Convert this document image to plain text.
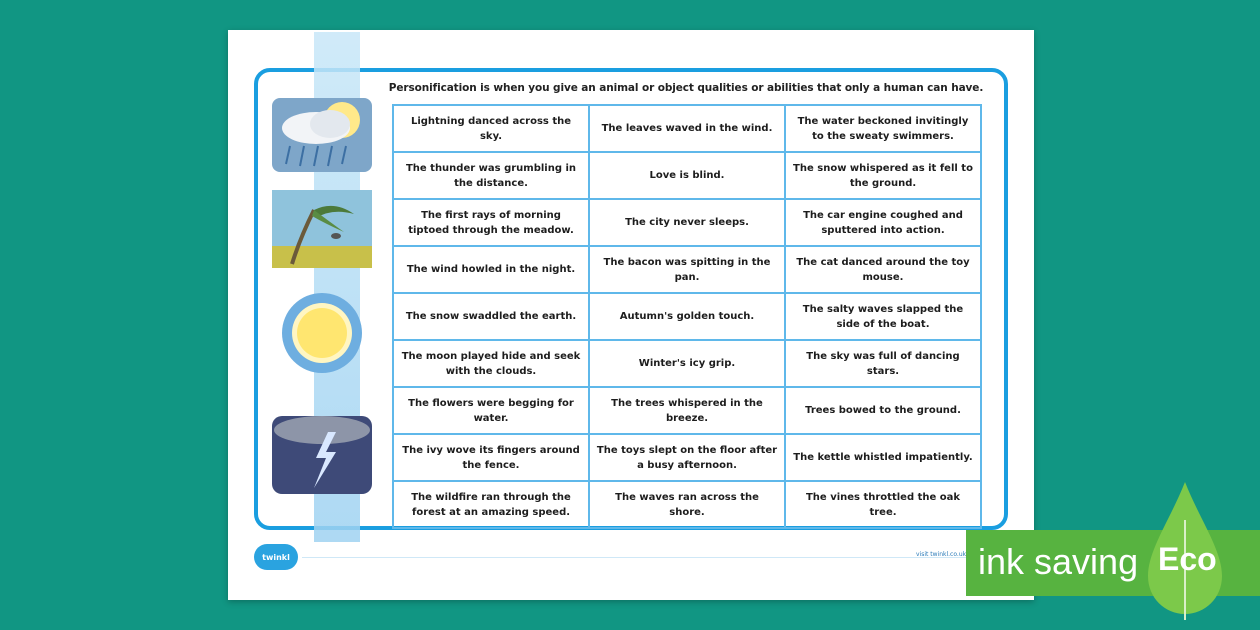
Personification is when you give an animal or object qualities or abilities that only a human can have.
Lightning danced across the sky.	The leaves waved in the wind.	The water beckoned invitingly to the sweaty swimmers.
The thunder was grumbling in the distance.	Love is blind.	The snow whispered as it fell to the ground.
The first rays of morning tiptoed through the meadow.	The city never sleeps.	The car engine coughed and sputtered into action.
The wind howled in the night.	The bacon was spitting in the pan.	The cat danced around the toy mouse.
The snow swaddled the earth.	Autumn's golden touch.	The salty waves slapped the side of the boat.
The moon played hide and seek with the clouds.	Winter's icy grip.	The sky was full of dancing stars.
The flowers were begging for water.	The trees whispered in the breeze.	Trees bowed to the ground.
The ivy wove its fingers around the fence.	The toys slept on the floor after a busy afternoon.	The kettle whistled impatiently.
The wildfire ran through the forest at an amazing speed.	The waves ran across the shore.	The vines throttled the oak tree.
twinkl	visit twinkl.co.uk ink saving Eco
